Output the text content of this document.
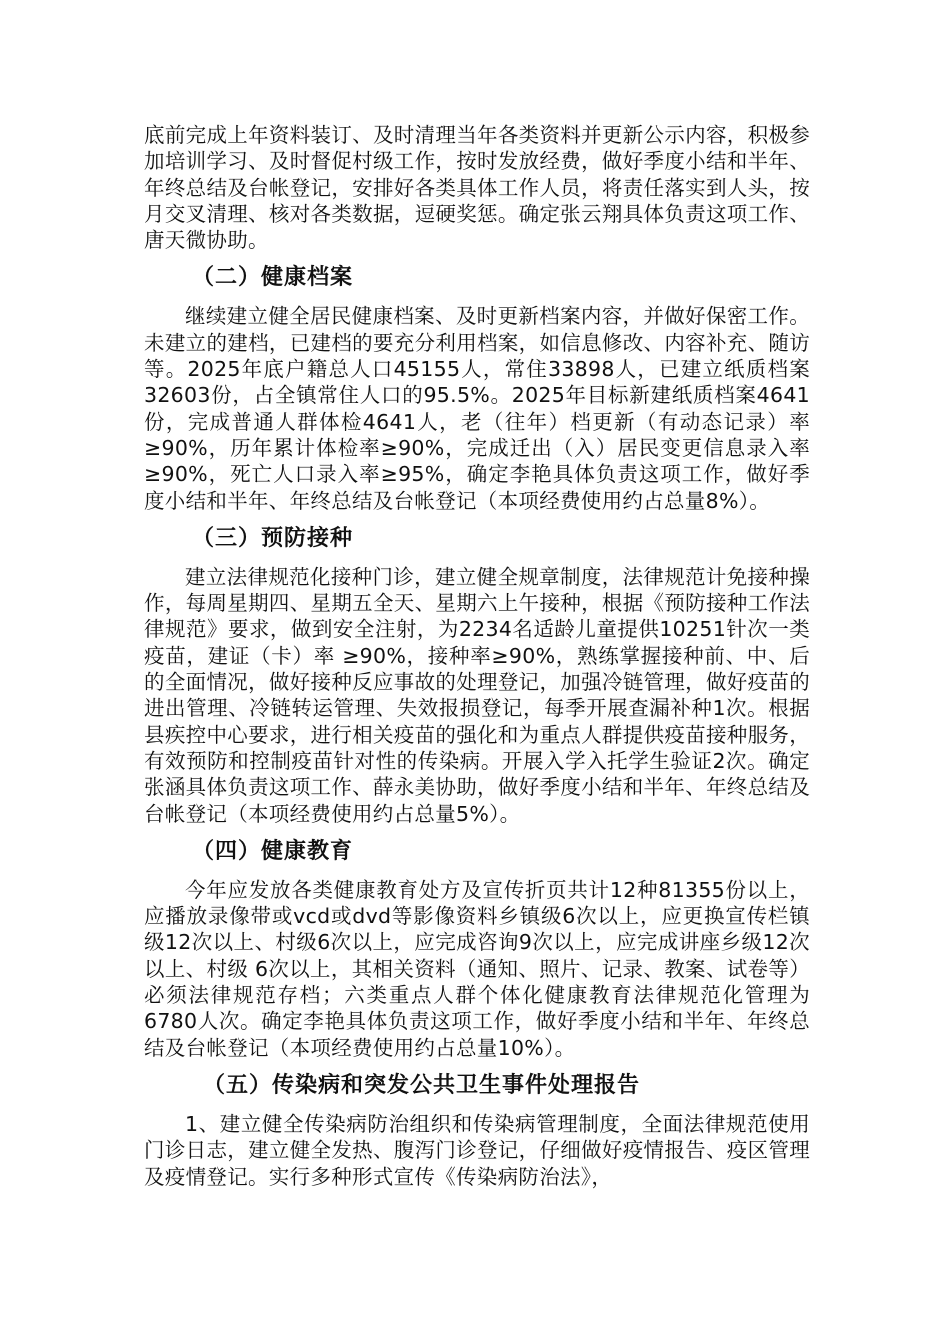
底前完成上年资料装订、及时清理当年各类资料并更新公示内容，积极参加培训学习、及时督促村级工作，按时发放经费，做好季度小结和半年、年终总结及台帐登记，安排好各类具体工作人员，将责任落实到人头，按月交叉清理、核对各类数据，逗硬奖惩。确定张云翔具体负责这项工作、唐天微协助。

（二）健康档案

继续建立健全居民健康档案、及时更新档案内容，并做好保密工作。未建立的建档，已建档的要充分利用档案，如信息修改、内容补充、随访等。2025年底户籍总人口45155人，常住33898人，已建立纸质档案32603份，占全镇常住人口的95.5%。2025年目标新建纸质档案4641份，完成普通人群体检4641人，老（往年）档更新（有动态记录）率≥90%，历年累计体检率≥90%，完成迁出（入）居民变更信息录入率≥90%，死亡人口录入率≥95%，确定李艳具体负责这项工作，做好季度小结和半年、年终总结及台帐登记（本项经费使用约占总量8%）。

（三）预防接种

建立法律规范化接种门诊，建立健全规章制度，法律规范计免接种操作，每周星期四、星期五全天、星期六上午接种，根据《预防接种工作法律规范》要求，做到安全注射，为2234名适龄儿童提供10251针次一类疫苗，建证（卡）率 ≥90%，接种率≥90%，熟练掌握接种前、中、后的全面情况，做好接种反应事故的处理登记，加强冷链管理，做好疫苗的进出管理、冷链转运管理、失效报损登记，每季开展查漏补种1次。根据县疾控中心要求，进行相关疫苗的强化和为重点人群提供疫苗接种服务，有效预防和控制疫苗针对性的传染病。开展入学入托学生验证2次。确定张涵具体负责这项工作、薛永美协助，做好季度小结和半年、年终总结及台帐登记（本项经费使用约占总量5%）。

（四）健康教育

今年应发放各类健康教育处方及宣传折页共计12种81355份以上，应播放录像带或vcd或dvd等影像资料乡镇级6次以上，应更换宣传栏镇级12次以上、村级6次以上，应完成咨询9次以上，应完成讲座乡级12次以上、村级 6次以上，其相关资料（通知、照片、记录、教案、试卷等）必须法律规范存档；六类重点人群个体化健康教育法律规范化管理为6780人次。确定李艳具体负责这项工作，做好季度小结和半年、年终总结及台帐登记（本项经费使用约占总量10%）。

（五）传染病和突发公共卫生事件处理报告

1、建立健全传染病防治组织和传染病管理制度，全面法律规范使用门诊日志，建立健全发热、腹泻门诊登记，仔细做好疫情报告、疫区管理及疫情登记。实行多种形式宣传《传染病防治法》，
